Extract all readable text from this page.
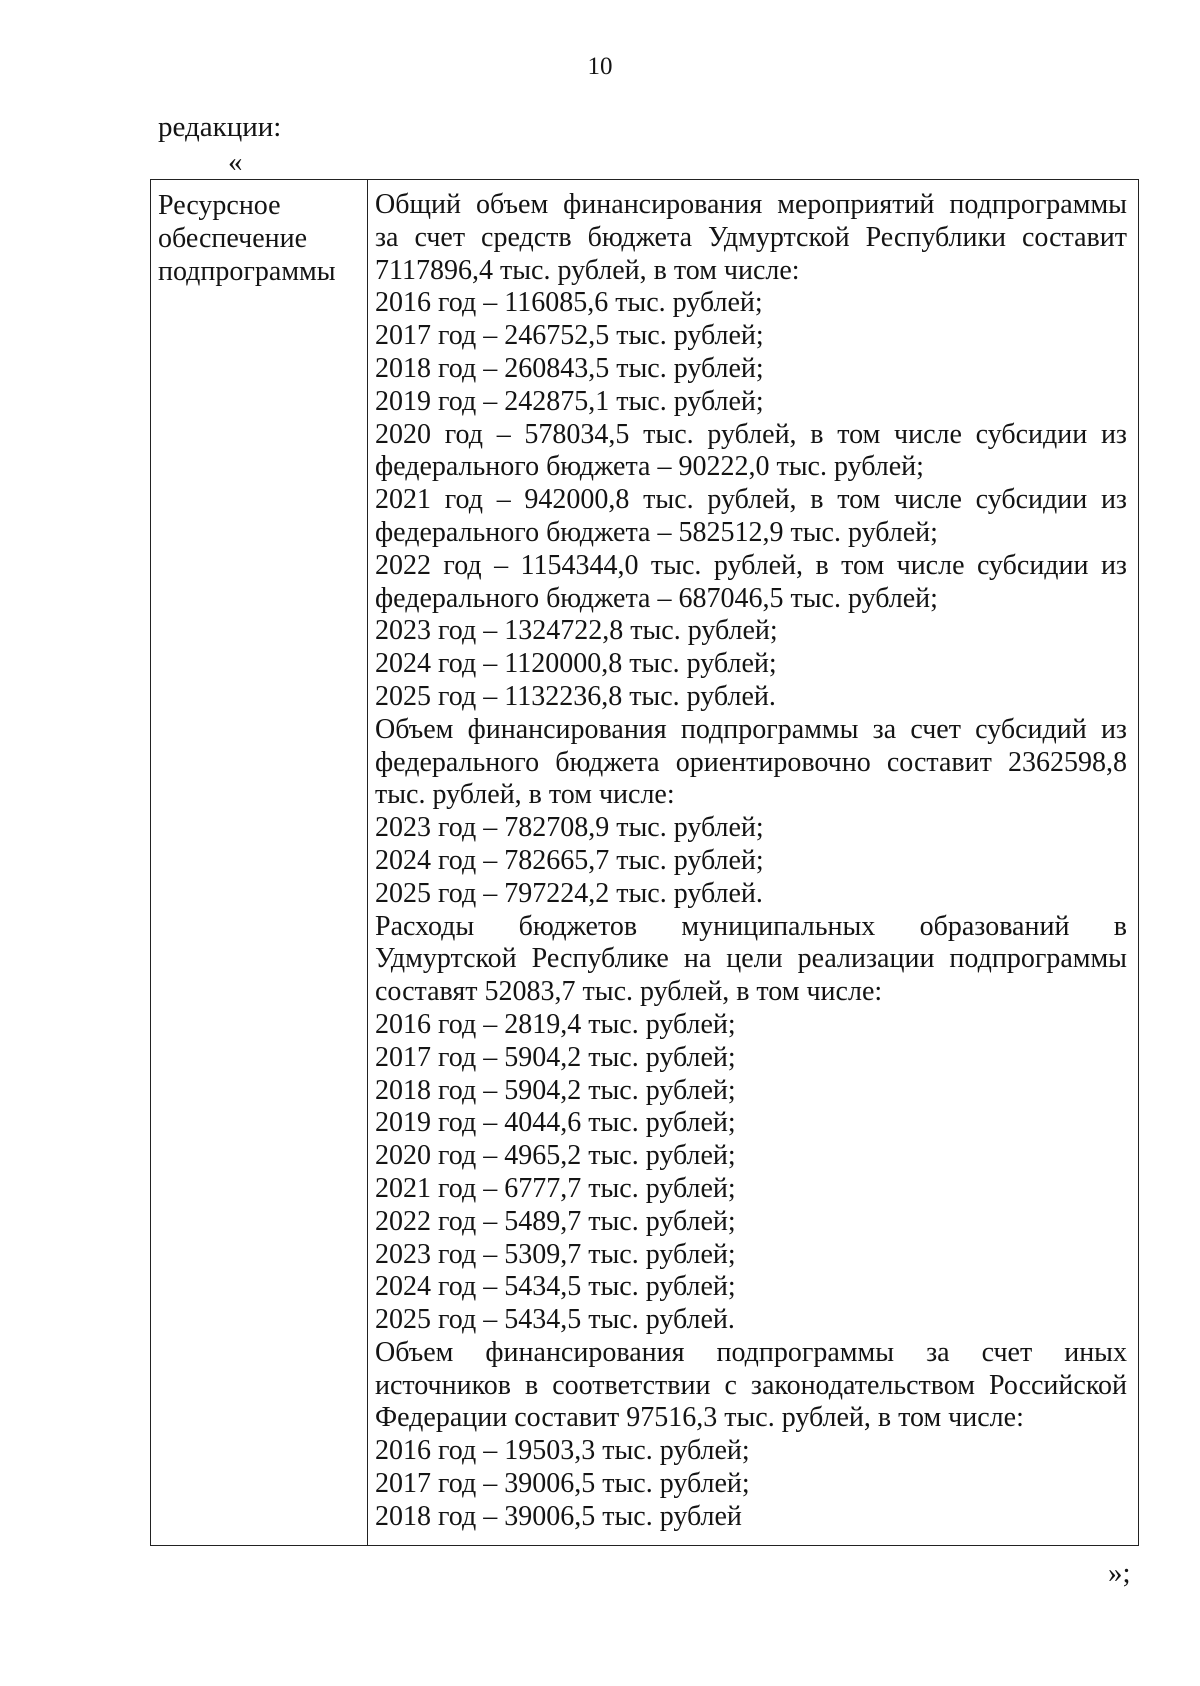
10
редакции:
«
Ресурсное
обеспечение
подпрограммы
Общий объем финансирования мероприятий подпрограммы
за счет средств бюджета Удмуртской Республики составит
7117896,4 тыс. рублей, в том числе:
2016 год – 116085,6 тыс. рублей;
2017 год – 246752,5 тыс. рублей;
2018 год – 260843,5 тыс. рублей;
2019 год – 242875,1 тыс. рублей;
2020 год – 578034,5 тыс. рублей, в том числе субсидии из
федерального бюджета – 90222,0 тыс. рублей;
2021 год – 942000,8 тыс. рублей, в том числе субсидии из
федерального бюджета – 582512,9 тыс. рублей;
2022 год – 1154344,0 тыс. рублей, в том числе субсидии из
федерального бюджета – 687046,5 тыс. рублей;
2023 год – 1324722,8 тыс. рублей;
2024 год – 1120000,8 тыс. рублей;
2025 год – 1132236,8 тыс. рублей.
Объем финансирования подпрограммы за счет субсидий из
федерального бюджета ориентировочно составит 2362598,8
тыс. рублей, в том числе:
2023 год – 782708,9 тыс. рублей;
2024 год – 782665,7 тыс. рублей;
2025 год – 797224,2 тыс. рублей.
Расходы бюджетов муниципальных образований в
Удмуртской Республике на цели реализации подпрограммы
составят 52083,7 тыс. рублей, в том числе:
2016 год – 2819,4 тыс. рублей;
2017 год – 5904,2 тыс. рублей;
2018 год – 5904,2 тыс. рублей;
2019 год – 4044,6 тыс. рублей;
2020 год – 4965,2 тыс. рублей;
2021 год – 6777,7 тыс. рублей;
2022 год – 5489,7 тыс. рублей;
2023 год – 5309,7 тыс. рублей;
2024 год – 5434,5 тыс. рублей;
2025 год – 5434,5 тыс. рублей.
Объем финансирования подпрограммы за счет иных
источников в соответствии с законодательством Российской
Федерации составит 97516,3 тыс. рублей, в том числе:
2016 год – 19503,3 тыс. рублей;
2017 год – 39006,5 тыс. рублей;
2018 год – 39006,5 тыс. рублей
»;
